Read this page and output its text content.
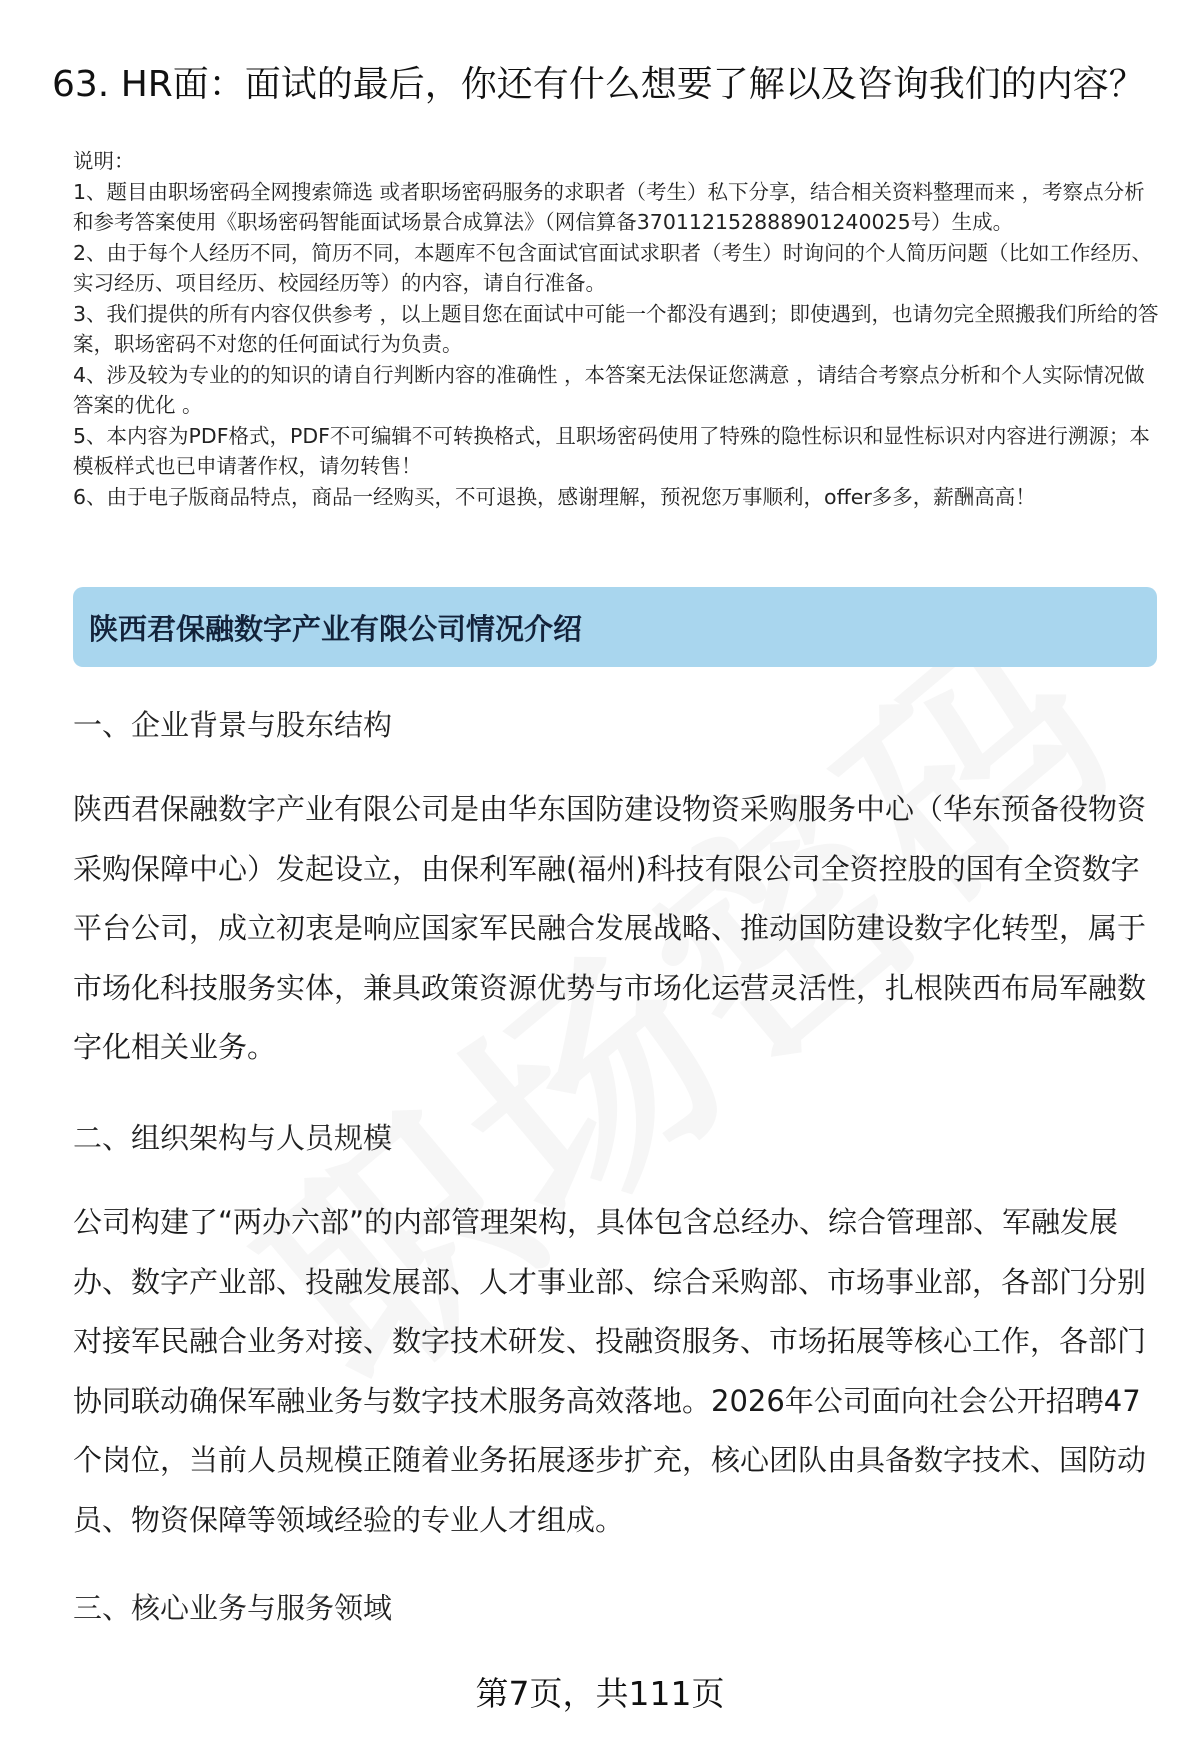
63. HR面：面试的最后，你还有什么想要了解以及咨询我们的内容？

说明：

1、题目由职场密码全网搜索筛选 或者职场密码服务的求职者（考生）私下分享，结合相关资料整理而来 ，考察点分析和参考答案使用《职场密码智能面试场景合成算法》（网信算备370112152888901240025号）生成。

2、由于每个人经历不同，简历不同，本题库不包含面试官面试求职者（考生）时询问的个人简历问题（比如工作经历、实习经历、项目经历、校园经历等）的内容，请自行准备。

3、我们提供的所有内容仅供参考 ，以上题目您在面试中可能一个都没有遇到；即使遇到，也请勿完全照搬我们所给的答案，职场密码不对您的任何面试行为负责。

4、涉及较为专业的的知识的请自行判断内容的准确性 ，本答案无法保证您满意 ，请结合考察点分析和个人实际情况做答案的优化 。

5、本内容为PDF格式，PDF不可编辑不可转换格式，且职场密码使用了特殊的隐性标识和显性标识对内容进行溯源；本模板样式也已申请著作权，请勿转售！

6、由于电子版商品特点，商品一经购买，不可退换，感谢理解，预祝您万事顺利，offer多多，薪酬高高！

陕西君保融数字产业有限公司情况介绍
一、企业背景与股东结构

陕西君保融数字产业有限公司是由华东国防建设物资采购服务中心（华东预备役物资采购保障中心）发起设立，由保利军融(福州)科技有限公司全资控股的国有全资数字平台公司，成立初衷是响应国家军民融合发展战略、推动国防建设数字化转型，属于市场化科技服务实体，兼具政策资源优势与市场化运营灵活性，扎根陕西布局军融数字化相关业务。

二、组织架构与人员规模

公司构建了“两办六部”的内部管理架构，具体包含总经办、综合管理部、军融发展办、数字产业部、投融发展部、人才事业部、综合采购部、市场事业部，各部门分别对接军民融合业务对接、数字技术研发、投融资服务、市场拓展等核心工作，各部门协同联动确保军融业务与数字技术服务高效落地。2026年公司面向社会公开招聘47个岗位，当前人员规模正随着业务拓展逐步扩充，核心团队由具备数字技术、国防动员、物资保障等领域经验的专业人才组成。

三、核心业务与服务领域
第7页，共111页
